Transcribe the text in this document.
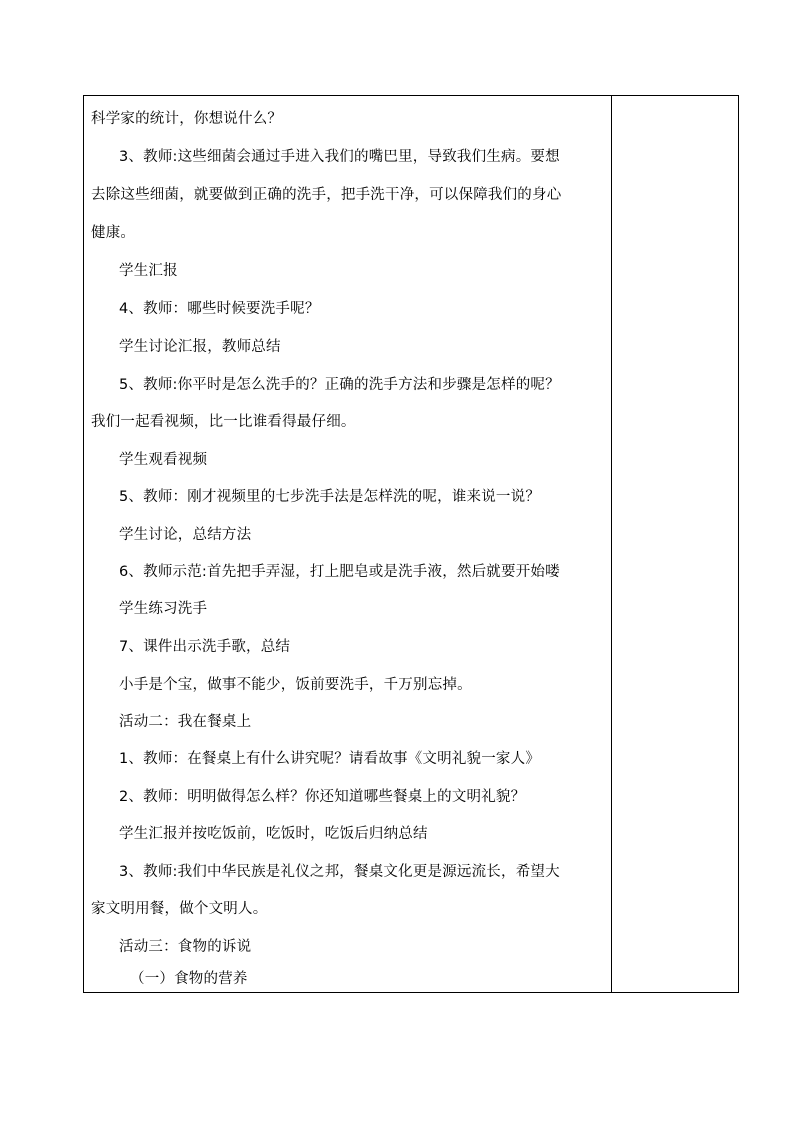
科学家的统计，你想说什么？
3、教师:这些细菌会通过手进入我们的嘴巴里，导致我们生病。要想
去除这些细菌，就要做到正确的洗手，把手洗干净，可以保障我们的身心
健康。
学生汇报
4、教师：哪些时候要洗手呢？
学生讨论汇报，教师总结
5、教师:你平时是怎么洗手的？正确的洗手方法和步骤是怎样的呢？
我们一起看视频，比一比谁看得最仔细。
学生观看视频
5、教师：刚才视频里的七步洗手法是怎样洗的呢，谁来说一说？
学生讨论，总结方法
6、教师示范:首先把手弄湿，打上肥皂或是洗手液，然后就要开始喽
学生练习洗手
7、课件出示洗手歌，总结
小手是个宝，做事不能少，饭前要洗手，千万别忘掉。
活动二：我在餐桌上
1、教师：在餐桌上有什么讲究呢？请看故事《文明礼貌一家人》
2、教师：明明做得怎么样？你还知道哪些餐桌上的文明礼貌？
学生汇报并按吃饭前，吃饭时，吃饭后归纳总结
3、教师:我们中华民族是礼仪之邦，餐桌文化更是源远流长，希望大
家文明用餐，做个文明人。
活动三：食物的诉说
（一）食物的营养
